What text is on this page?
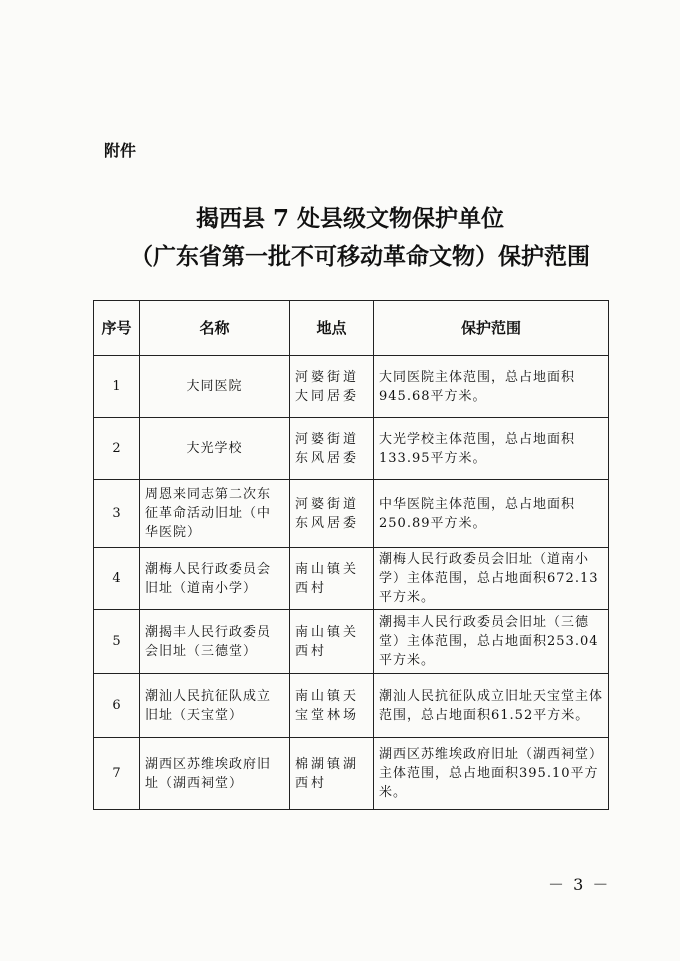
附件
揭西县 7 处县级文物保护单位
（广东省第一批不可移动革命文物）保护范围
序号	名称	地点	保护范围
1	大同医院	河婆街道大同居委	大同医院主体范围，总占地面积945.68平方米。
2	大光学校	河婆街道东风居委	大光学校主体范围，总占地面积133.95平方米。
3	周恩来同志第二次东征革命活动旧址（中华医院）	河婆街道东风居委	中华医院主体范围，总占地面积250.89平方米。
4	潮梅人民行政委员会旧址（道南小学）	南山镇关西村	潮梅人民行政委员会旧址（道南小学）主体范围，总占地面积672.13平方米。
5	潮揭丰人民行政委员会旧址（三德堂）	南山镇关西村	潮揭丰人民行政委员会旧址（三德堂）主体范围，总占地面积253.04平方米。
6	潮汕人民抗征队成立旧址（天宝堂）	南山镇天宝堂林场	潮汕人民抗征队成立旧址天宝堂主体范围，总占地面积61.52平方米。
7	湖西区苏维埃政府旧址（湖西祠堂）	棉湖镇湖西村	湖西区苏维埃政府旧址（湖西祠堂）主体范围，总占地面积395.10平方米。
－ 3 －
